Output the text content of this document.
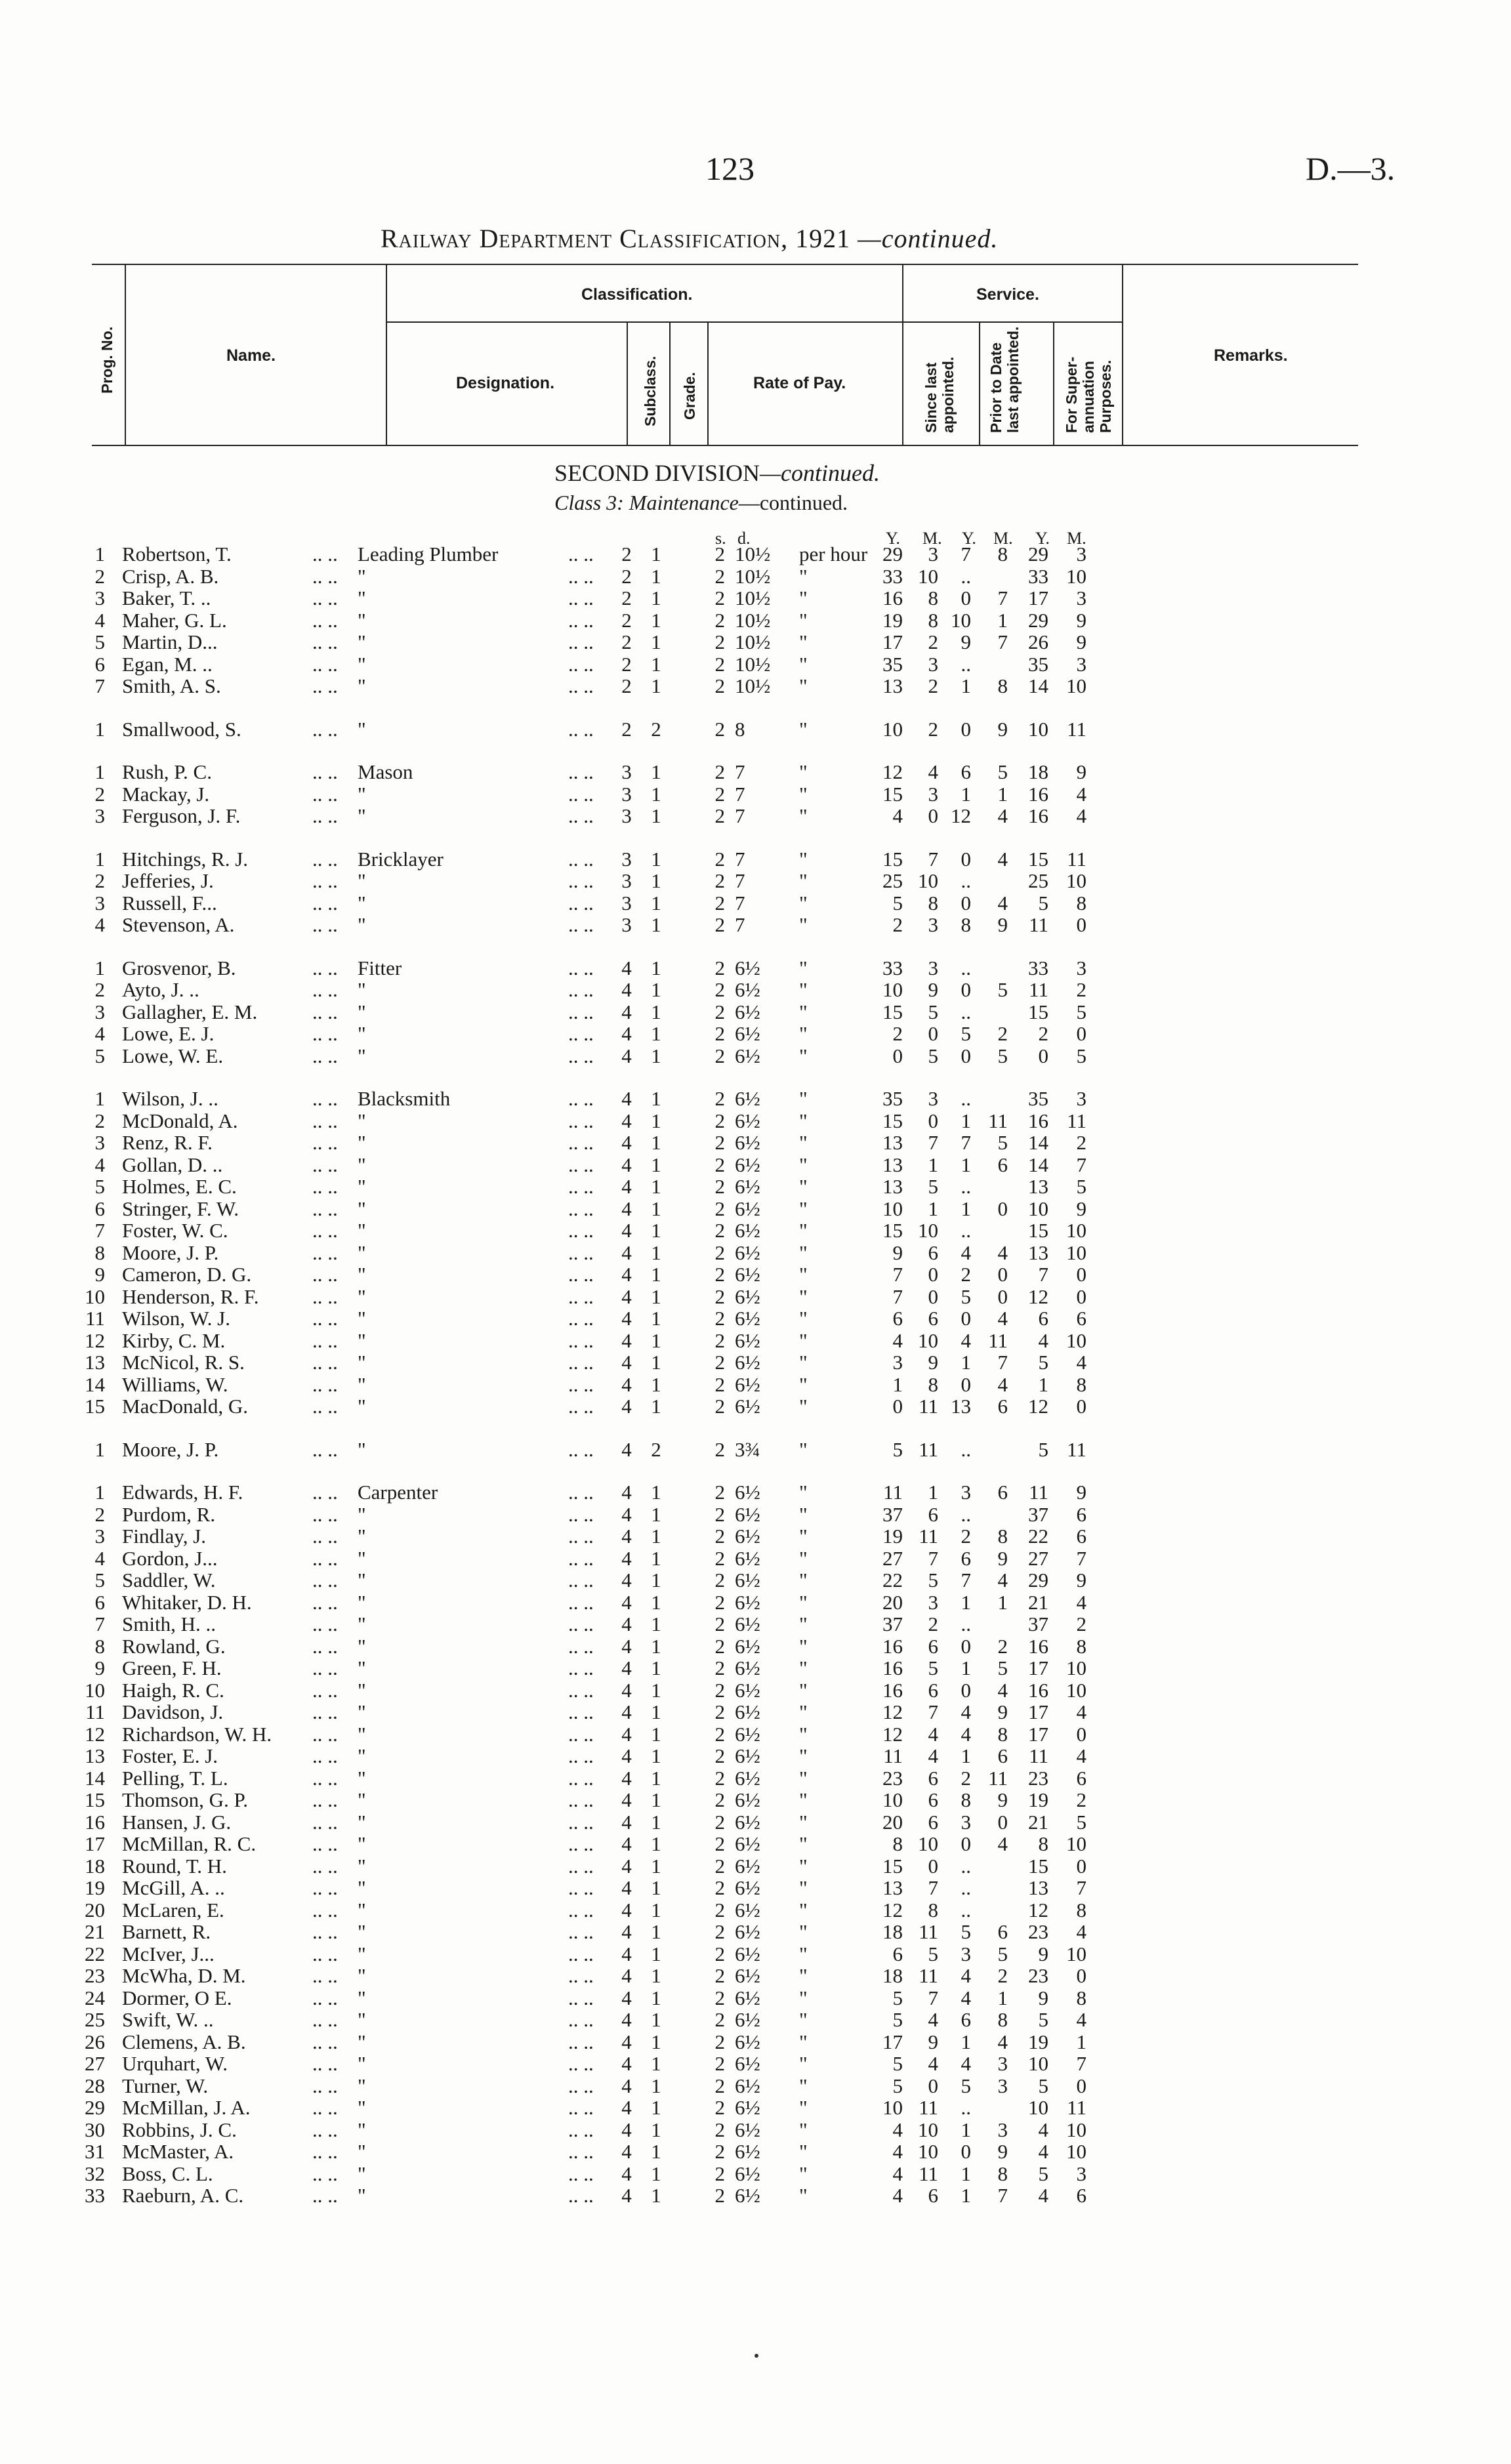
123	D.—3.
Railway Department Classification, 1921 —continued.
Prog. No.	Name.
Classification.
Designation.	Subclass. Grade.	Rate of Pay.
Service.
Since last appointed. Prior to Date last appointed.	For Super-annuation Purposes.
Remarks.
SECOND DIVISION—continued.
Class 3: Maintenance—continued.
s. d.	Y. M. Y. M. Y. M.
1 Robertson, T.	.. .. Leading Plumber	.. .. 2 1	2 10½ per hour 29	3	7	8	29	3
2 Crisp, A. B.	.. .. "	.. .. 2 1	2 10½ "	33 10	..	33 10
3 Baker, T. ..	.. .. "	.. .. 2 1	2 10½ "	16	8	0	7	17	3
4 Maher, G. L.	.. .. "	.. .. 2 1	2 10½ "	19	8 10	1	29	9
5 Martin, D...	.. .. "	.. .. 2 1	2 10½ "	17	2	9	7	26	9
6 Egan, M. ..	.. .. "	.. .. 2 1	2 10½ "	35	3	..	35	3
7 Smith, A. S.	.. .. "	.. .. 2 1	2 10½ "	13	2	1	8	14 10
1 Smallwood, S.	.. .. "	.. .. 2 2	2 8	"	10	2	0	9	10 11
1 Rush, P. C.	.. .. Mason	.. .. 3 1	2 7	"	12	4	6	5	18	9
2 Mackay, J.	.. .. "	.. .. 3 1	2 7	"	15	3	1	1	16	4
3 Ferguson, J. F.	.. .. "	.. .. 3 1	2 7	"	4	0 12	4	16	4
1 Hitchings, R. J.	.. .. Bricklayer	.. .. 3 1	2 7	"	15	7	0	4	15 11
2 Jefferies, J.	.. .. "	.. .. 3 1	2 7	"	25 10	..	25 10
3 Russell, F...	.. .. "	.. .. 3 1	2 7	"	5	8	0	4	5	8
4 Stevenson, A.	.. .. "	.. .. 3 1	2 7	"	2	3	8	9	11	0
1 Grosvenor, B.	.. .. Fitter	.. .. 4 1	2 6½ "	33	3	..	33	3
2 Ayto, J. ..	.. .. "	.. .. 4 1	2 6½ "	10	9	0	5	11	2
3 Gallagher, E. M.	.. .. "	.. .. 4 1	2 6½ "	15	5	..	15	5
4 Lowe, E. J.	.. .. "	.. .. 4 1	2 6½ "	2	0	5	2	2	0
5 Lowe, W. E.	.. .. "	.. .. 4 1	2 6½ "	0	5	0	5	0	5
1 Wilson, J. ..	.. .. Blacksmith	.. .. 4 1	2 6½ "	35	3	..	35	3
2 McDonald, A.	.. .. "	.. .. 4 1	2 6½ "	15	0	1 11	16 11
3 Renz, R. F.	.. .. "	.. .. 4 1	2 6½ "	13	7	7	5	14	2
4 Gollan, D. ..	.. .. "	.. .. 4 1	2 6½ "	13	1	1	6	14	7
5 Holmes, E. C.	.. .. "	.. .. 4 1	2 6½ "	13	5	..	13	5
6 Stringer, F. W.	.. .. "	.. .. 4 1	2 6½ "	10	1	1	0	10	9
7 Foster, W. C.	.. .. "	.. .. 4 1	2 6½ "	15 10	..	15 10
8 Moore, J. P.	.. .. "	.. .. 4 1	2 6½ "	9	6	4	4	13 10
9 Cameron, D. G.	.. .. "	.. .. 4 1	2 6½ "	7	0	2	0	7	0
10 Henderson, R. F.	.. .. "	.. .. 4 1	2 6½ "	7	0	5	0	12	0
11 Wilson, W. J.	.. .. "	.. .. 4 1	2 6½ "	6	6	0	4	6	6
12 Kirby, C. M.	.. .. "	.. .. 4 1	2 6½ "	4 10	4 11	4 10
13 McNicol, R. S.	.. .. "	.. .. 4 1	2 6½ "	3	9	1	7	5	4
14 Williams, W.	.. .. "	.. .. 4 1	2 6½ "	1	8	0	4	1	8
15 MacDonald, G.	.. .. "	.. .. 4 1	2 6½ "	0 11 13	6	12	0
1 Moore, J. P.	.. .. "	.. .. 4 2	2 3¾ "	5 11	..	5 11
1 Edwards, H. F.	.. .. Carpenter	.. .. 4 1	2 6½ "	11	1	3	6	11	9
2 Purdom, R.	.. .. "	.. .. 4 1	2 6½ "	37	6	..	37	6
3 Findlay, J.	.. .. "	.. .. 4 1	2 6½ "	19 11	2	8	22	6
4 Gordon, J...	.. .. "	.. .. 4 1	2 6½ "	27	7	6	9	27	7
5 Saddler, W.	.. .. "	.. .. 4 1	2 6½ "	22	5	7	4	29	9
6 Whitaker, D. H.	.. .. "	.. .. 4 1	2 6½ "	20	3	1	1	21	4
7 Smith, H. ..	.. .. "	.. .. 4 1	2 6½ "	37	2	..	37	2
8 Rowland, G.	.. .. "	.. .. 4 1	2 6½ "	16	6	0	2	16	8
9 Green, F. H.	.. .. "	.. .. 4 1	2 6½ "	16	5	1	5	17 10
10 Haigh, R. C.	.. .. "	.. .. 4 1	2 6½ "	16	6	0	4	16 10
11 Davidson, J.	.. .. "	.. .. 4 1	2 6½ "	12	7	4	9	17	4
12 Richardson, W. H. .. .. "	.. .. 4 1	2 6½ "	12	4	4	8	17	0
13 Foster, E. J.	.. .. "	.. .. 4 1	2 6½ "	11	4	1	6	11	4
14 Pelling, T. L.	.. .. "	.. .. 4 1	2 6½ "	23	6	2 11	23	6
15 Thomson, G. P.	.. .. "	.. .. 4 1	2 6½ "	10	6	8	9	19	2
16 Hansen, J. G.	.. .. "	.. .. 4 1	2 6½ "	20	6	3	0	21	5
17 McMillan, R. C.	.. .. "	.. .. 4 1	2 6½ "	8 10	0	4	8 10
18 Round, T. H.	.. .. "	.. .. 4 1	2 6½ "	15	0	..	15	0
19 McGill, A. ..	.. .. "	.. .. 4 1	2 6½ "	13	7	..	13	7
20 McLaren, E.	.. .. "	.. .. 4 1	2 6½ "	12	8	..	12	8
21 Barnett, R.	.. .. "	.. .. 4 1	2 6½ "	18 11	5	6	23	4
22 McIver, J...	.. .. "	.. .. 4 1	2 6½ "	6	5	3	5	9 10
23 McWha, D. M.	.. .. "	.. .. 4 1	2 6½ "	18 11	4	2	23	0
24 Dormer, O E.	.. .. "	.. .. 4 1	2 6½ "	5	7	4	1	9	8
25 Swift, W. ..	.. .. "	.. .. 4 1	2 6½ "	5	4	6	8	5	4
26 Clemens, A. B.	.. .. "	.. .. 4 1	2 6½ "	17	9	1	4	19	1
27 Urquhart, W.	.. .. "	.. .. 4 1	2 6½ "	5	4	4	3	10	7
28 Turner, W.	.. .. "	.. .. 4 1	2 6½ "	5	0	5	3	5	0
29 McMillan, J. A.	.. .. "	.. .. 4 1	2 6½ "	10 11	..	10 11
30 Robbins, J. C.	.. .. "	.. .. 4 1	2 6½ "	4 10	1	3	4 10
31 McMaster, A.	.. .. "	.. .. 4 1	2 6½ "	4 10	0	9	4 10
32 Boss, C. L.	.. .. "	.. .. 4 1	2 6½ "	4 11	1	8	5	3
33 Raeburn, A. C.	.. .. "	.. .. 4 1	2 6½ "	4	6	1	7	4	6
